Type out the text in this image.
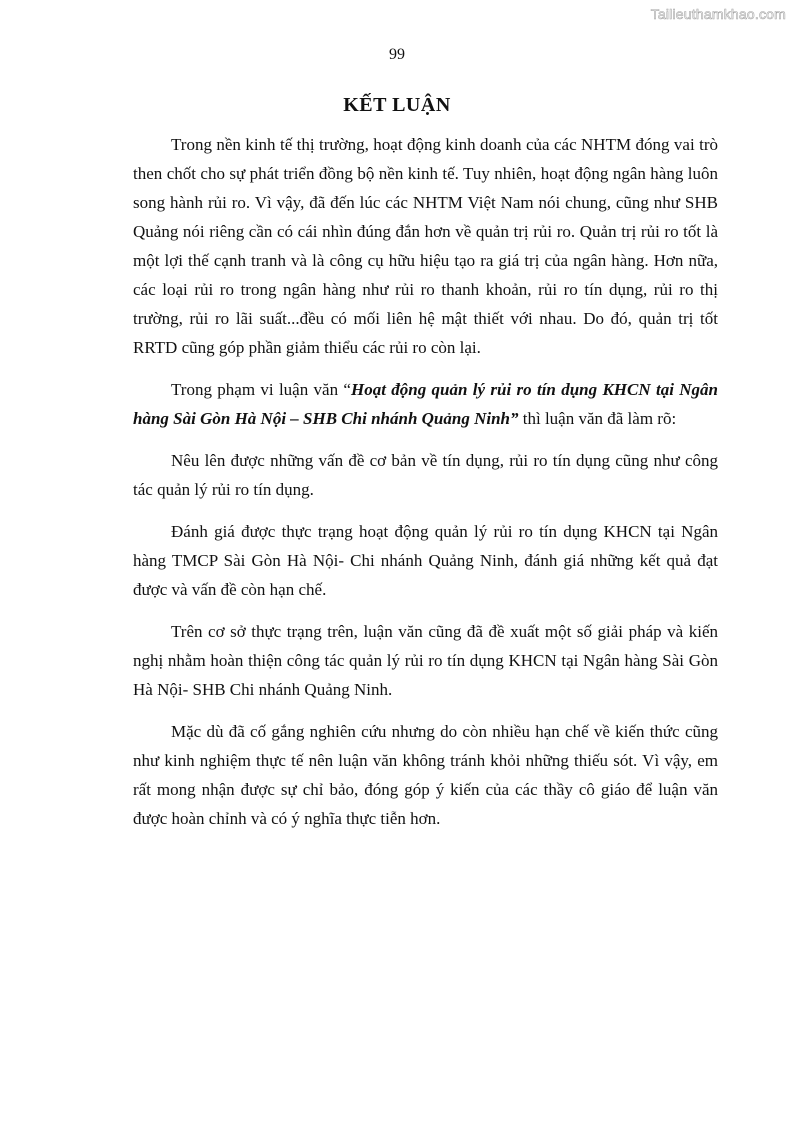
Tailieuthamkhao.com
99
KẾT LUẬN

Trong nền kinh tế thị trường, hoạt động kinh doanh của các NHTM đóng vai trò then chốt cho sự phát triển đồng bộ nền kinh tế. Tuy nhiên, hoạt động ngân hàng luôn song hành rủi ro. Vì vậy, đã đến lúc các NHTM Việt Nam nói chung, cũng như SHB Quảng nói riêng cần có cái nhìn đúng đắn hơn về quản trị rủi ro. Quản trị rủi ro tốt là một lợi thế cạnh tranh và là công cụ hữu hiệu tạo ra giá trị của ngân hàng. Hơn nữa, các loại rủi ro trong ngân hàng như rủi ro thanh khoản, rủi ro tín dụng, rủi ro thị trường, rủi ro lãi suất...đều có mối liên hệ mật thiết với nhau. Do đó, quản trị tốt RRTD cũng góp phần giảm thiểu các rủi ro còn lại.

Trong phạm vi luận văn “Hoạt động quản lý rủi ro tín dụng KHCN tại Ngân hàng Sài Gòn Hà Nội – SHB Chi nhánh Quảng Ninh” thì luận văn đã làm rõ:

Nêu lên được những vấn đề cơ bản về tín dụng, rủi ro tín dụng cũng như công tác quản lý rủi ro tín dụng.

Đánh giá được thực trạng hoạt động quản lý rủi ro tín dụng KHCN tại Ngân hàng TMCP Sài Gòn Hà Nội- Chi nhánh Quảng Ninh, đánh giá những kết quả đạt được và vấn đề còn hạn chế.

Trên cơ sở thực trạng trên, luận văn cũng đã đề xuất một số giải pháp và kiến nghị nhằm hoàn thiện công tác quản lý rủi ro tín dụng KHCN tại Ngân hàng Sài Gòn Hà Nội- SHB Chi nhánh Quảng Ninh.

Mặc dù đã cố gắng nghiên cứu nhưng do còn nhiều hạn chế về kiến thức cũng như kinh nghiệm thực tế nên luận văn không tránh khỏi những thiếu sót. Vì vậy, em rất mong nhận được sự chỉ bảo, đóng góp ý kiến của các thầy cô giáo để luận văn được hoàn chỉnh và có ý nghĩa thực tiễn hơn.
